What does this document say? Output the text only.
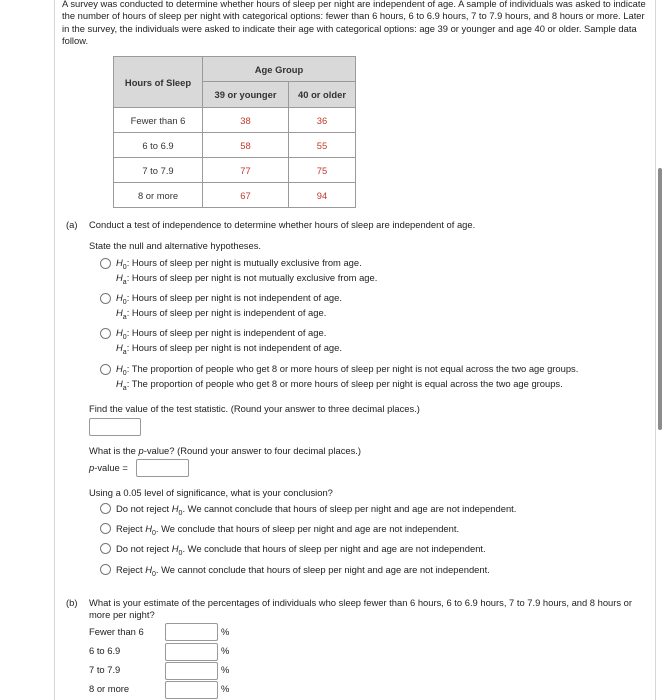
A survey was conducted to determine whether hours of sleep per night are independent of age. A sample of individuals was asked to indicate the number of hours of sleep per night with categorical options: fewer than 6 hours, 6 to 6.9 hours, 7 to 7.9 hours, and 8 hours or more. Later in the survey, the individuals were asked to indicate their age with categorical options: age 39 or younger and age 40 or older. Sample data follow.
Hours of Sleep	Age Group	
	39 or younger	40 or older
Fewer than 6	38	36
6 to 6.9	58	55
7 to 7.9	77	75
8 or more	67	94
(a) Conduct a test of independence to determine whether hours of sleep are independent of age.
State the null and alternative hypotheses.
$H_0$: Hours of sleep per night is mutually exclusive from age.
$H_a$: Hours of sleep per night is not mutually exclusive from age.
$H_0$: Hours of sleep per night is not independent of age.
$H_a$: Hours of sleep per night is independent of age.
$H_0$: Hours of sleep per night is independent of age.
$H_a$: Hours of sleep per night is not independent of age.
$H_0$: The proportion of people who get 8 or more hours of sleep per night is not equal across the two age groups.
$H_a$: The proportion of people who get 8 or more hours of sleep per night is equal across the two age groups.
Find the value of the test statistic. (Round your answer to three decimal places.)
What is the p-value? (Round your answer to four decimal places.)
p-value =
Using a 0.05 level of significance, what is your conclusion?
Do not reject $H_0$. We cannot conclude that hours of sleep per night and age are not independent.
Reject $H_0$. We conclude that hours of sleep per night and age are not independent.
Do not reject $H_0$. We conclude that hours of sleep per night and age are not independent.
Reject $H_0$. We cannot conclude that hours of sleep per night and age are not independent.
(b) What is your estimate of the percentages of individuals who sleep fewer than 6 hours, 6 to 6.9 hours, 7 to 7.9 hours, and 8 hours or more per night?
Fewer than 6	%
6 to 6.9	%
7 to 7.9	%
8 or more	%
